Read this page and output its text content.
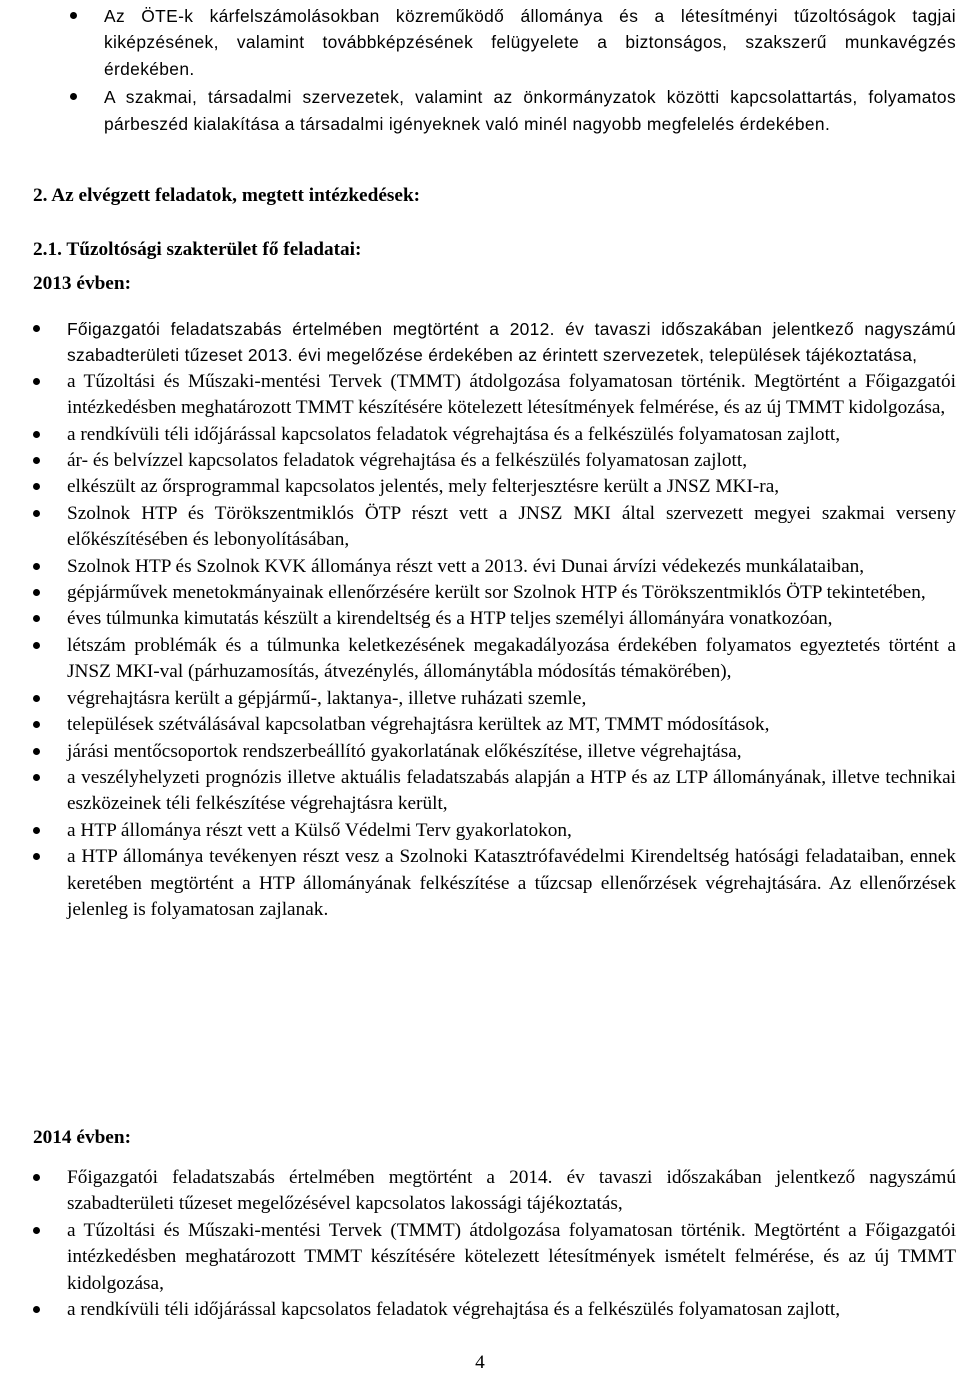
Az ÖTE-k kárfelszámolásokban közreműködő állománya és a létesítményi tűzoltóságok tagjai kiképzésének, valamint továbbképzésének felügyelete a biztonságos, szakszerű munkavégzés érdekében.
A szakmai, társadalmi szervezetek, valamint az önkormányzatok közötti kapcsolattartás, folyamatos párbeszéd kialakítása a társadalmi igényeknek való minél nagyobb megfelelés érdekében.
2. Az elvégzett feladatok, megtett intézkedések:
2.1. Tűzoltósági szakterület fő feladatai:
2013 évben:
Főigazgatói feladatszabás értelmében megtörtént a 2012. év tavaszi időszakában jelentkező nagyszámú szabadterületi tűzeset 2013. évi megelőzése érdekében az érintett szervezetek, települések tájékoztatása,
a Tűzoltási és Műszaki-mentési Tervek (TMMT) átdolgozása folyamatosan történik. Megtörtént a Főigazgatói intézkedésben meghatározott TMMT készítésére kötelezett létesítmények felmérése, és az új TMMT kidolgozása,
a rendkívüli téli időjárással kapcsolatos feladatok végrehajtása és a felkészülés folyamatosan zajlott,
ár- és belvízzel kapcsolatos feladatok végrehajtása és a felkészülés folyamatosan zajlott,
elkészült az őrsprogrammal kapcsolatos jelentés, mely felterjesztésre került a JNSZ MKI-ra,
Szolnok HTP és Törökszentmiklós ÖTP részt vett a JNSZ MKI által szervezett megyei szakmai verseny előkészítésében és lebonyolításában,
Szolnok HTP és Szolnok KVK állománya részt vett a 2013. évi Dunai árvízi védekezés munkálataiban,
gépjárművek menetokmányainak ellenőrzésére került sor Szolnok HTP és Törökszentmiklós ÖTP tekintetében,
éves túlmunka kimutatás készült a kirendeltség és a HTP teljes személyi állományára vonatkozóan,
létszám problémák és a túlmunka keletkezésének megakadályozása érdekében folyamatos egyeztetés történt a JNSZ MKI-val (párhuzamosítás, átvezénylés, állománytábla módosítás témakörében),
végrehajtásra került a gépjármű-, laktanya-, illetve ruházati szemle,
települések szétválásával kapcsolatban végrehajtásra kerültek az MT, TMMT módosítások,
járási mentőcsoportok rendszerbeállító gyakorlatának előkészítése, illetve végrehajtása,
a veszélyhelyzeti prognózis illetve aktuális feladatszabás alapján a HTP és az LTP állományának, illetve technikai eszközeinek téli felkészítése végrehajtásra került,
a HTP állománya részt vett a Külső Védelmi Terv gyakorlatokon,
a HTP állománya tevékenyen részt vesz a Szolnoki Katasztrófavédelmi Kirendeltség hatósági feladataiban, ennek keretében megtörtént a HTP állományának felkészítése a tűzcsap ellenőrzések végrehajtására. Az ellenőrzések jelenleg is folyamatosan zajlanak.
2014 évben:
Főigazgatói feladatszabás értelmében megtörtént a 2014. év tavaszi időszakában jelentkező nagyszámú szabadterületi tűzeset megelőzésével kapcsolatos lakossági tájékoztatás,
a Tűzoltási és Műszaki-mentési Tervek (TMMT) átdolgozása folyamatosan történik. Megtörtént a Főigazgatói intézkedésben meghatározott TMMT készítésére kötelezett létesítmények ismételt felmérése, és az új TMMT kidolgozása,
a rendkívüli téli időjárással kapcsolatos feladatok végrehajtása és a felkészülés folyamatosan zajlott,
4
